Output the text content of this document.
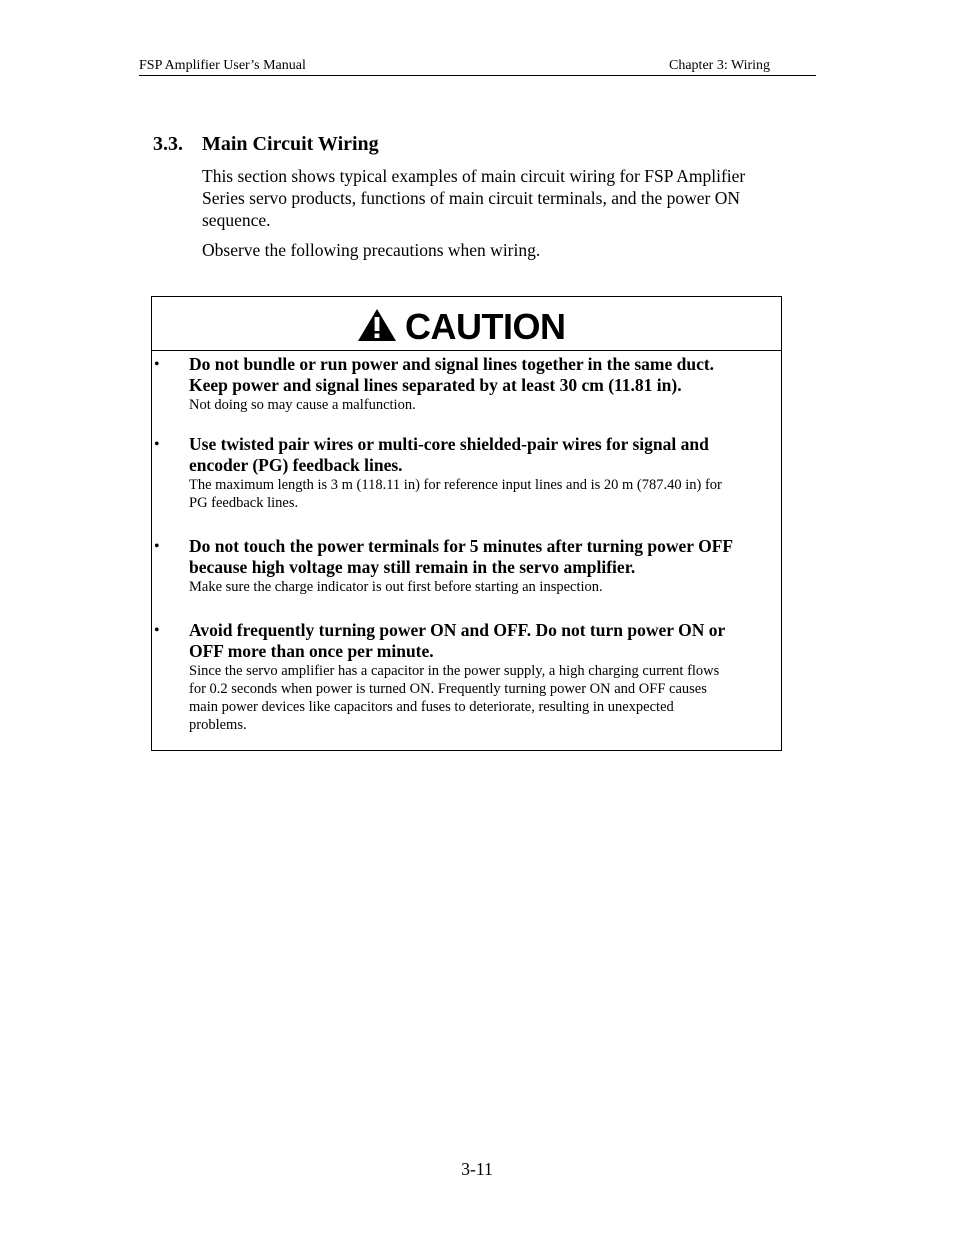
FSP Amplifier User’s Manual	Chapter 3: Wiring
3.3. Main Circuit Wiring

This section shows typical examples of main circuit wiring for FSP Amplifier
Series servo products, functions of main circuit terminals, and the power ON
sequence.

Observe the following precautions when wiring.

CAUTION
• Do not bundle or run power and signal lines together in the same duct.
Keep power and signal lines separated by at least 30 cm (11.81 in).

Not doing so may cause a malfunction.

• Use twisted pair wires or multi-core shielded-pair wires for signal and
encoder (PG) feedback lines.

The maximum length is 3 m (118.11 in) for reference input lines and is 20 m (787.40 in) for
PG feedback lines.

• Do not touch the power terminals for 5 minutes after turning power OFF
because high voltage may still remain in the servo amplifier.

Make sure the charge indicator is out first before starting an inspection.

• Avoid frequently turning power ON and OFF. Do not turn power ON or
OFF more than once per minute.

Since the servo amplifier has a capacitor in the power supply, a high charging current flows
for 0.2 seconds when power is turned ON. Frequently turning power ON and OFF causes
main power devices like capacitors and fuses to deteriorate, resulting in unexpected
problems.

3-11
